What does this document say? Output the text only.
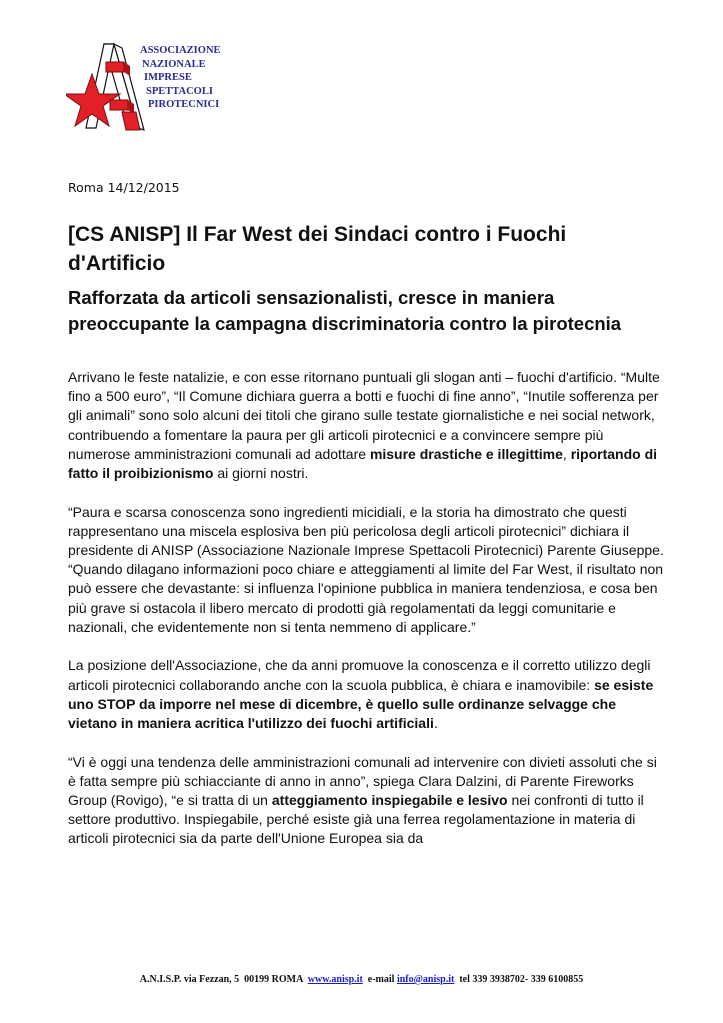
ASSOCIAZIONE
NAZIONALE
IMPRESE
SPETTACOLI
PIROTECNICI
Roma 14/12/2015
[CS ANISP] Il Far West dei Sindaci contro i Fuochi d'Artificio
Rafforzata da articoli sensazionalisti, cresce in maniera preoccupante la campagna discriminatoria contro la pirotecnia

Arrivano le feste natalizie, e con esse ritornano puntuali gli slogan anti – fuochi d'artificio. “Multe fino a 500 euro”, “Il Comune dichiara guerra a botti e fuochi di fine anno”, “Inutile sofferenza per gli animali” sono solo alcuni dei titoli che girano sulle testate giornalistiche e nei social network, contribuendo a fomentare la paura per gli articoli pirotecnici e a convincere sempre più numerose amministrazioni comunali ad adottare misure drastiche e illegittime, riportando di fatto il proibizionismo ai giorni nostri.

“Paura e scarsa conoscenza sono ingredienti micidiali, e la storia ha dimostrato che questi rappresentano una miscela esplosiva ben più pericolosa degli articoli pirotecnici” dichiara il presidente di ANISP (Associazione Nazionale Imprese Spettacoli Pirotecnici) Parente Giuseppe. “Quando dilagano informazioni poco chiare e atteggiamenti al limite del Far West, il risultato non può essere che devastante: si influenza l'opinione pubblica in maniera tendenziosa, e cosa ben più grave si ostacola il libero mercato di prodotti già regolamentati da leggi comunitarie e nazionali, che evidentemente non si tenta nemmeno di applicare.”

La posizione dell'Associazione, che da anni promuove la conoscenza e il corretto utilizzo degli articoli pirotecnici collaborando anche con la scuola pubblica, è chiara e inamovibile: se esiste uno STOP da imporre nel mese di dicembre, è quello sulle ordinanze selvagge che vietano in maniera acritica l'utilizzo dei fuochi artificiali.

“Vi è oggi una tendenza delle amministrazioni comunali ad intervenire con divieti assoluti che si è fatta sempre più schiacciante di anno in anno”, spiega Clara Dalzini, di Parente Fireworks Group (Rovigo), “e si tratta di un atteggiamento inspiegabile e lesivo nei confronti di tutto il settore produttivo. Inspiegabile, perché esiste già una ferrea regolamentazione in materia di articoli pirotecnici sia da parte dell'Unione Europea sia da

A.N.I.S.P. via Fezzan, 5  00199 ROMA  www.anisp.it  e-mail info@anisp.it  tel 339 3938702- 339 6100855
